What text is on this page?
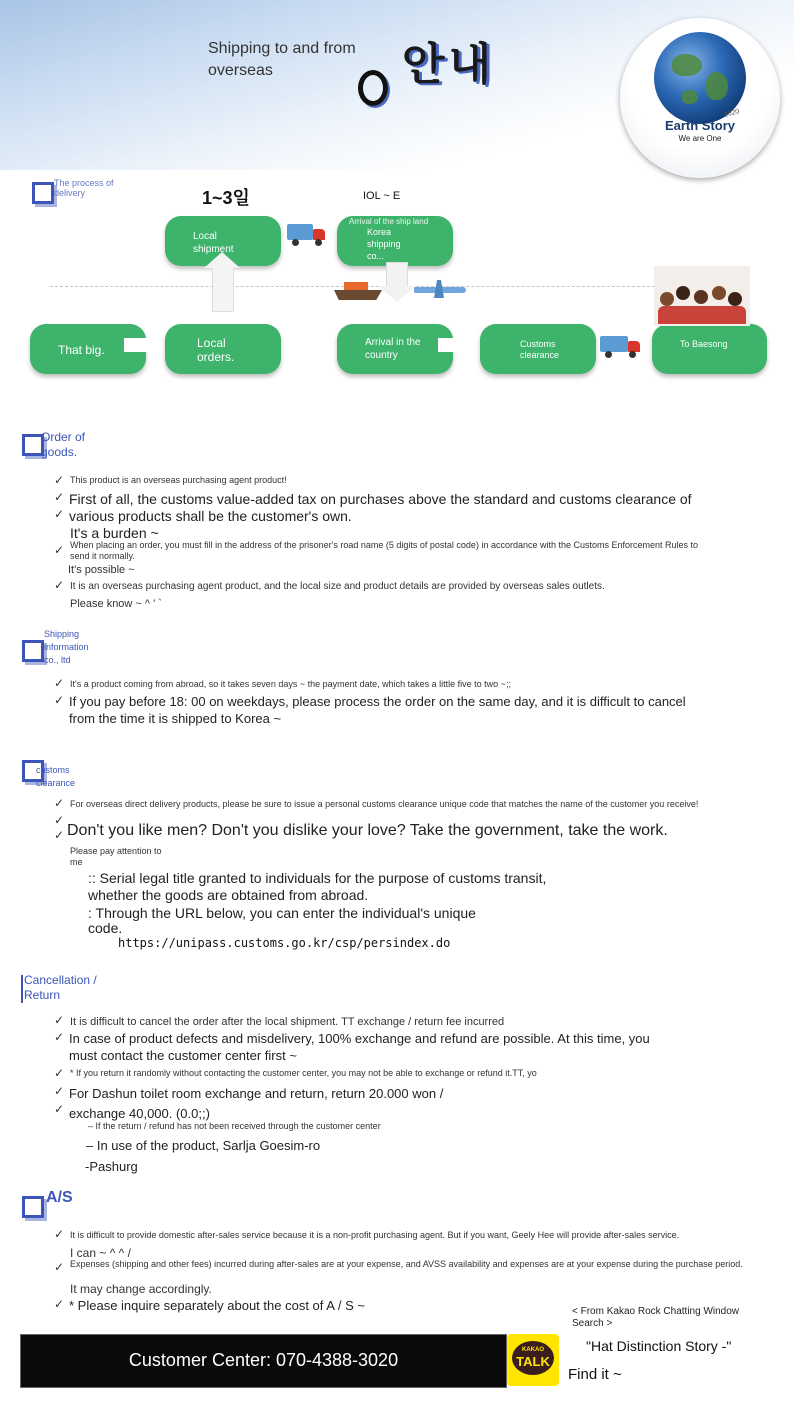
Shipping to and from overseas	안내
2020
Earth Story
We are One
The process of delivery	1~3일	IOL ~ E
Local shipment
Arrival of the ship land
Korea shipping co...
That big.	Local orders.
Arrival in the country
Customs clearance
To Baesong
Order of goods.
✓ This product is an overseas purchasing agent product!
✓ First of all, the customs value-added tax on purchases above the standard and customs clearance of
✓ various products shall be the customer's own.
It's a burden ~
✓ When placing an order, you must fill in the address of the prisoner's road name (5 digits of postal code) in accordance with the Customs Enforcement Rules to send it normally.
It's possible ~
✓ It is an overseas purchasing agent product, and the local size and product details are provided by overseas sales outlets.
Please know ~ ^ ' `
Shipping information co., ltd
✓ It's a product coming from abroad, so it takes seven days ~ the payment date, which takes a little five to two ~;;
✓ If you pay before 18: 00 on weekdays, please process the order on the same day, and it is difficult to cancel
from the time it is shipped to Korea ~
customs clearance
✓ For overseas direct delivery products, please be sure to issue a personal customs clearance unique code that matches the name of the customer you receive!
✓
✓ Don't you like men? Don't you dislike your love? Take the government, take the work.
Please pay attention to me
:: Serial legal title granted to individuals for the purpose of customs transit,
whether the goods are obtained from abroad.
: Through the URL below, you can enter the individual's unique
code.
https://unipass.customs.go.kr/csp/persindex.do
Cancellation / Return
✓ It is difficult to cancel the order after the local shipment. TT exchange / return fee incurred
✓ In case of product defects and misdelivery, 100% exchange and refund are possible. At this time, you
must contact the customer center first ~
✓ * If you return it randomly without contacting the customer center, you may not be able to exchange or refund it.TT, yo
✓ For Dashun toilet room exchange and return, return 20.000 won /
✓ exchange 40,000. (0.0;;)
– If the return / refund has not been received through the customer center
– In use of the product, Sarlja Goesim-ro
-Pashurg
A/S
✓ It is difficult to provide domestic after-sales service because it is a non-profit purchasing agent. But if you want, Geely Hee will provide after-sales service.
I can ~ ^ ^ /
✓ Expenses (shipping and other fees) incurred during after-sales are at your expense, and AVSS availability and expenses are at your expense during the purchase period.
It may change accordingly.
✓ * Please inquire separately about the cost of A / S ~	< From Kakao Rock Chatting Window
Search >
Customer Center: 070-4388-3020	KAKAO
TALK
"Hat Distinction Story -"
Find it ~
